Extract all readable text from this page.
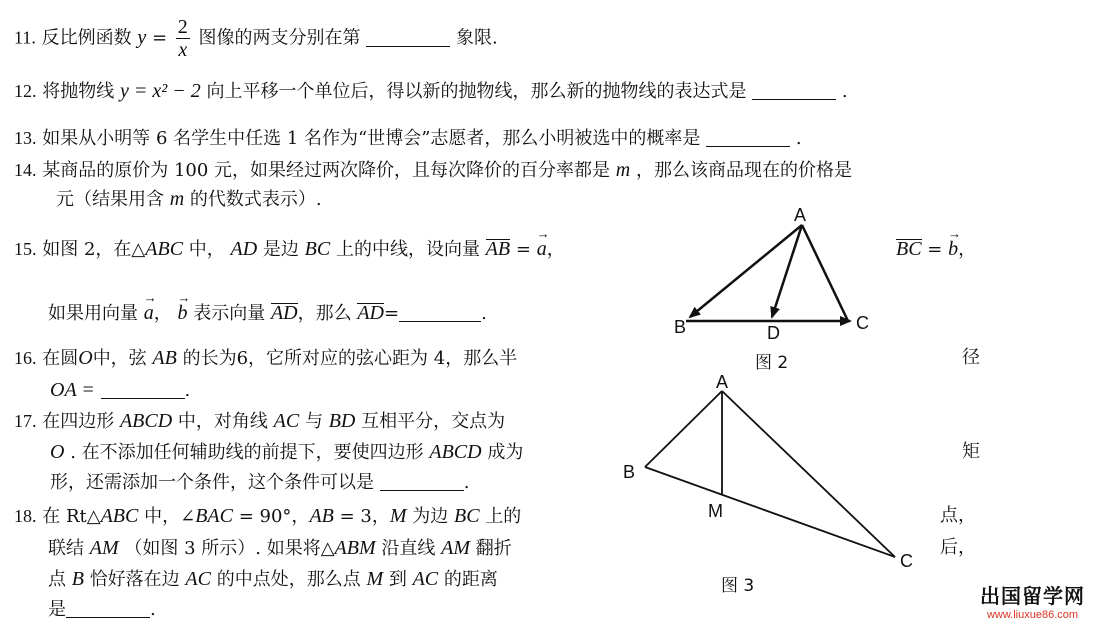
11. 反比例函数 $y = \frac{2}{x}$ 图像的两支分别在第	象限.
12. 将抛物线 y = x² − 2 向上平移一个单位后，得以新的抛物线，那么新的抛物线的表达式是	.
13. 如果从小明等 6 名学生中任选 1 名作为“世博会”志愿者，那么小明被选中的概率是	.
14. 某商品的原价为 100 元，如果经过两次降价，且每次降价的百分率都是 m ，那么该商品现在的价格是
元（结果用含 m 的代数式表示）.
15. 如图 2，在△ABC 中， AD 是边 BC 上的中线，设向量 AB = → a，	BC = → b，
如果用向量 → a， → b 表示向量 AD，那么 AD=	.
16. 在圆O中，弦 AB 的长为6，它所对应的弦心距为 4，那么半	径
OA =	.
17. 在四边形 ABCD 中，对角线 AC 与 BD 互相平分，交点为
O . 在不添加任何辅助线的前提下，要使四边形 ABCD 成为	矩
形，还需添加一个条件，这个条件可以是	.
18. 在 Rt△ABC 中，∠BAC = 90°，AB = 3，M 为边 BC 上的	点，
联结 AM （如图 3 所示）. 如果将△ABM 沿直线 AM 翻折	后，
点 B 恰好落在边 AC 的中点处，那么点 M 到 AC 的距离
是	.
A
B	D	C
图 2
A
B
M
C
图 3	出国留学网
www.liuxue86.com
